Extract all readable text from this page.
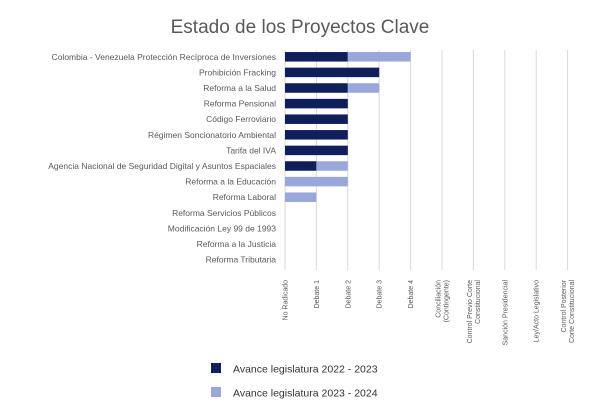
Estado de los Proyectos Clave
Colombia - Venezuela Protección Recíproca de Inversiones
Prohibición Fracking
Reforma a la Salud
Reforma Pensional
Código Ferroviario
Régimen Soncionatorio Ambiental
Tarifa del IVA
Agencia Nacional de Seguridad Digital y Asuntos Espaciales
Reforma a la Educación
Reforma Laboral
Reforma Servicios Públicos
Modificación Ley 99 de 1993
Reforma a la Justicia
Reforma Tributaria
No Radicado	Debate 1	Debate 2	Debate 3	Debate 4	Conciliación(Contingente) Control Previo CorteConstitucional	Sanción Presidencial	Ley/Acto Legislativo	Control PosteriorCorte Constitucional
Avance legislatura 2022 - 2023
Avance legislatura 2023 - 2024
